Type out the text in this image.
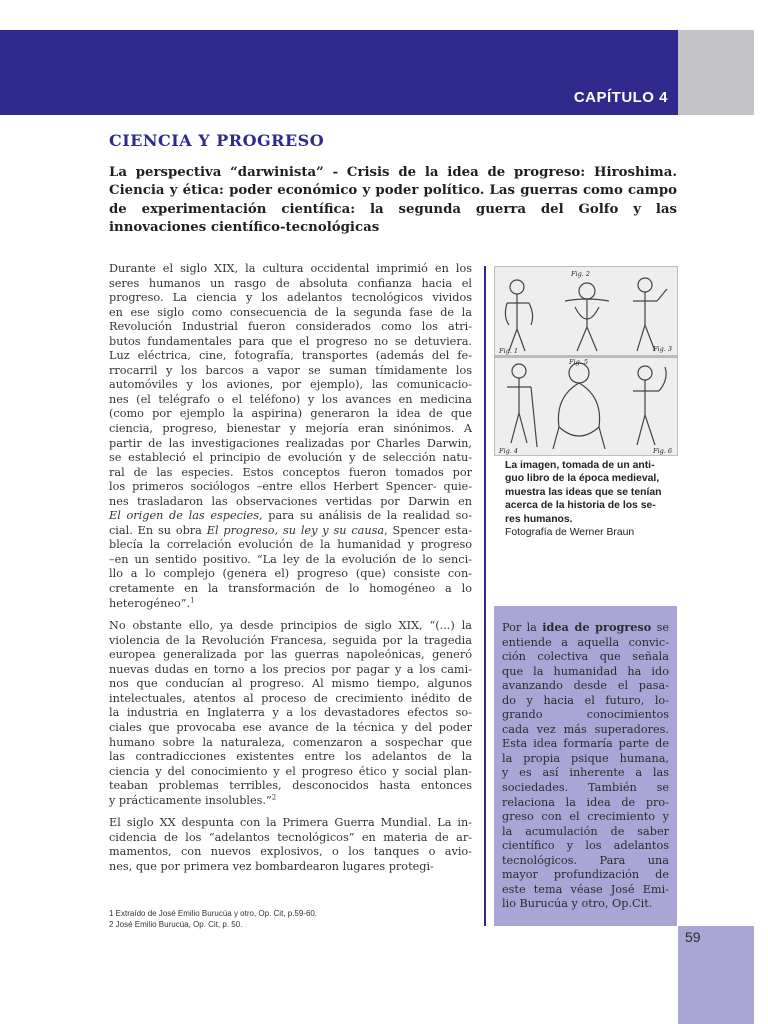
CAPÍTULO 4
CIENCIA Y PROGRESO
La perspectiva “darwinista” - Crisis de la idea de progreso: Hiroshima. Ciencia y ética: poder económico y poder político. Las guerras como campo de experimentación científica: la segunda guerra del Golfo y las innovaciones científico-tecnológicas

Durante el siglo XIX, la cultura occidental imprimió en los
seres humanos un rasgo de absoluta confianza hacia el
progreso. La ciencia y los adelantos tecnológicos vividos
en ese siglo como consecuencia de la segunda fase de la
Revolución Industrial fueron considerados como los atri-
butos fundamentales para que el progreso no se detuviera.
Luz eléctrica, cine, fotografía, transportes (además del fe-
rrocarril y los barcos a vapor se suman tímidamente los
automóviles y los aviones, por ejemplo), las comunicacio-
nes (el telégrafo o el teléfono) y los avances en medicina
(como por ejemplo la aspirina) generaron la idea de que
ciencia, progreso, bienestar y mejoría eran sinónimos. A
partir de las investigaciones realizadas por Charles Darwin,
se estableció el principio de evolución y de selección natu-
ral de las especies. Estos conceptos fueron tomados por
los primeros sociólogos –entre ellos Herbert Spencer- quie-
nes trasladaron las observaciones vertidas por Darwin en
El origen de las especies, para su análisis de la realidad so-
cial. En su obra El progreso, su ley y su causa, Spencer esta-
blecía la correlación evolución de la humanidad y progreso
–en un sentido positivo. “La ley de la evolución de lo senci-
llo a lo complejo (genera el) progreso (que) consiste con-
cretamente en la transformación de lo homogéneo a lo
heterogéneo”.$^1$

No obstante ello, ya desde principios de siglo XIX, “(...) la
violencia de la Revolución Francesa, seguida por la tragedia
europea generalizada por las guerras napoleónicas, generó
nuevas dudas en torno a los precios por pagar y a los cami-
nos que conducían al progreso. Al mismo tiempo, algunos
intelectuales, atentos al proceso de crecimiento inédito de
la industria en Inglaterra y a los devastadores efectos so-
ciales que provocaba ese avance de la técnica y del poder
humano sobre la naturaleza, comenzaron a sospechar que
las contradicciones existentes entre los adelantos de la
ciencia y del conocimiento y el progreso ético y social plan-
teaban problemas terribles, desconocidos hasta entonces
y prácticamente insolubles.”$^2$

El siglo XX despunta con la Primera Guerra Mundial. La in-
cidencia de los “adelantos tecnológicos” en materia de ar-
mamentos, con nuevos explosivos, o los tanques o avio-
nes, que por primera vez bombardearon lugares protegi-

Fig. 1
Fig. 2
Fig. 3
Fig. 4
Fig. 5
Fig. 6
La imagen, tomada de un anti-
guo libro de la época medieval,
muestra las ideas que se tenían
acerca de la historia de los se-
res humanos.
Fotografía de Werner Braun
Por la idea de progreso se
entiende a aquella convic-
ción colectiva que señala
que la humanidad ha ido
avanzando desde el pasa-
do y hacia el futuro, lo-
grando conocimientos
cada vez más superadores.
Esta idea formaría parte de
la propia psique humana,
y es así inherente a las
sociedades. También se
relaciona la idea de pro-
greso con el crecimiento y
la acumulación de saber
científico y los adelantos
tecnológicos. Para una
mayor profundización de
este tema véase José Emi-
lio Burucúa y otro, Op.Cit.
1 Extraído de José Emilio Burucúa y otro, Op. Cit, p.59-60.
2 José Emilio Burucúa, Op. Cit, p. 50.
59
